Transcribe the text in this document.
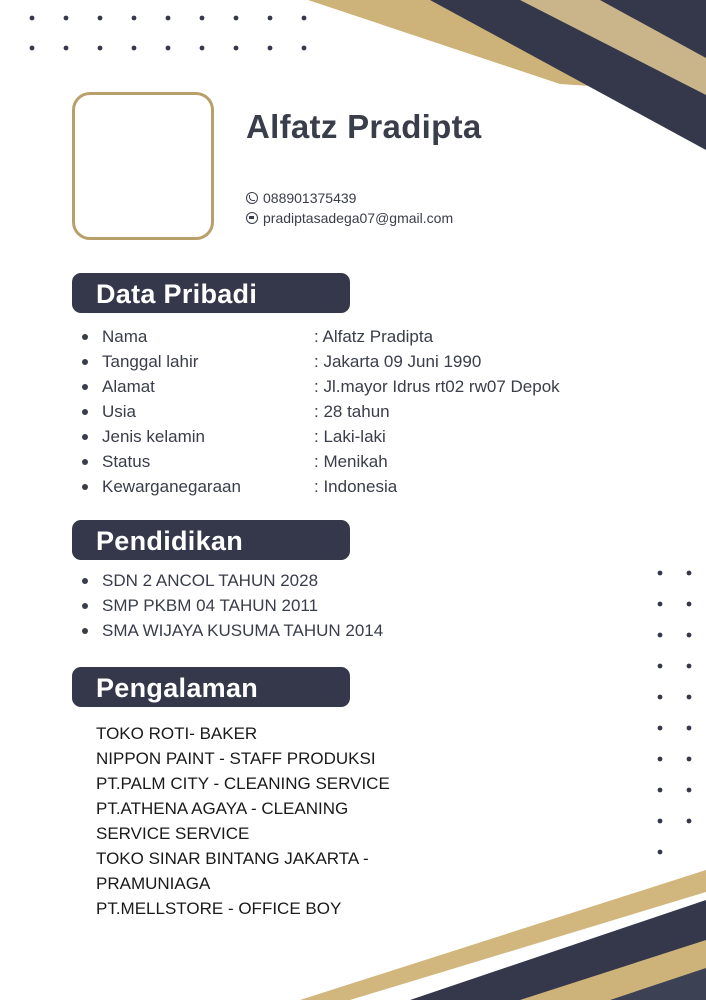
Alfatz Pradipta
088901375439
pradiptasadega07@gmail.com
Data Pribadi
Nama	: Alfatz Pradipta
Tanggal lahir	: Jakarta 09 Juni 1990
Alamat	: Jl.mayor Idrus rt02 rw07 Depok
Usia	: 28 tahun
Jenis kelamin	: Laki-laki
Status	: Menikah
Kewarganegaraan	: Indonesia
Pendidikan
SDN 2 ANCOL TAHUN 2028
SMP PKBM 04 TAHUN 2011
SMA WIJAYA KUSUMA TAHUN 2014
Pengalaman
TOKO ROTI- BAKER
NIPPON PAINT - STAFF PRODUKSI
PT.PALM CITY - CLEANING SERVICE
PT.ATHENA AGAYA - CLEANING
SERVICE SERVICE
TOKO SINAR BINTANG JAKARTA -
PRAMUNIAGA
PT.MELLSTORE - OFFICE BOY
